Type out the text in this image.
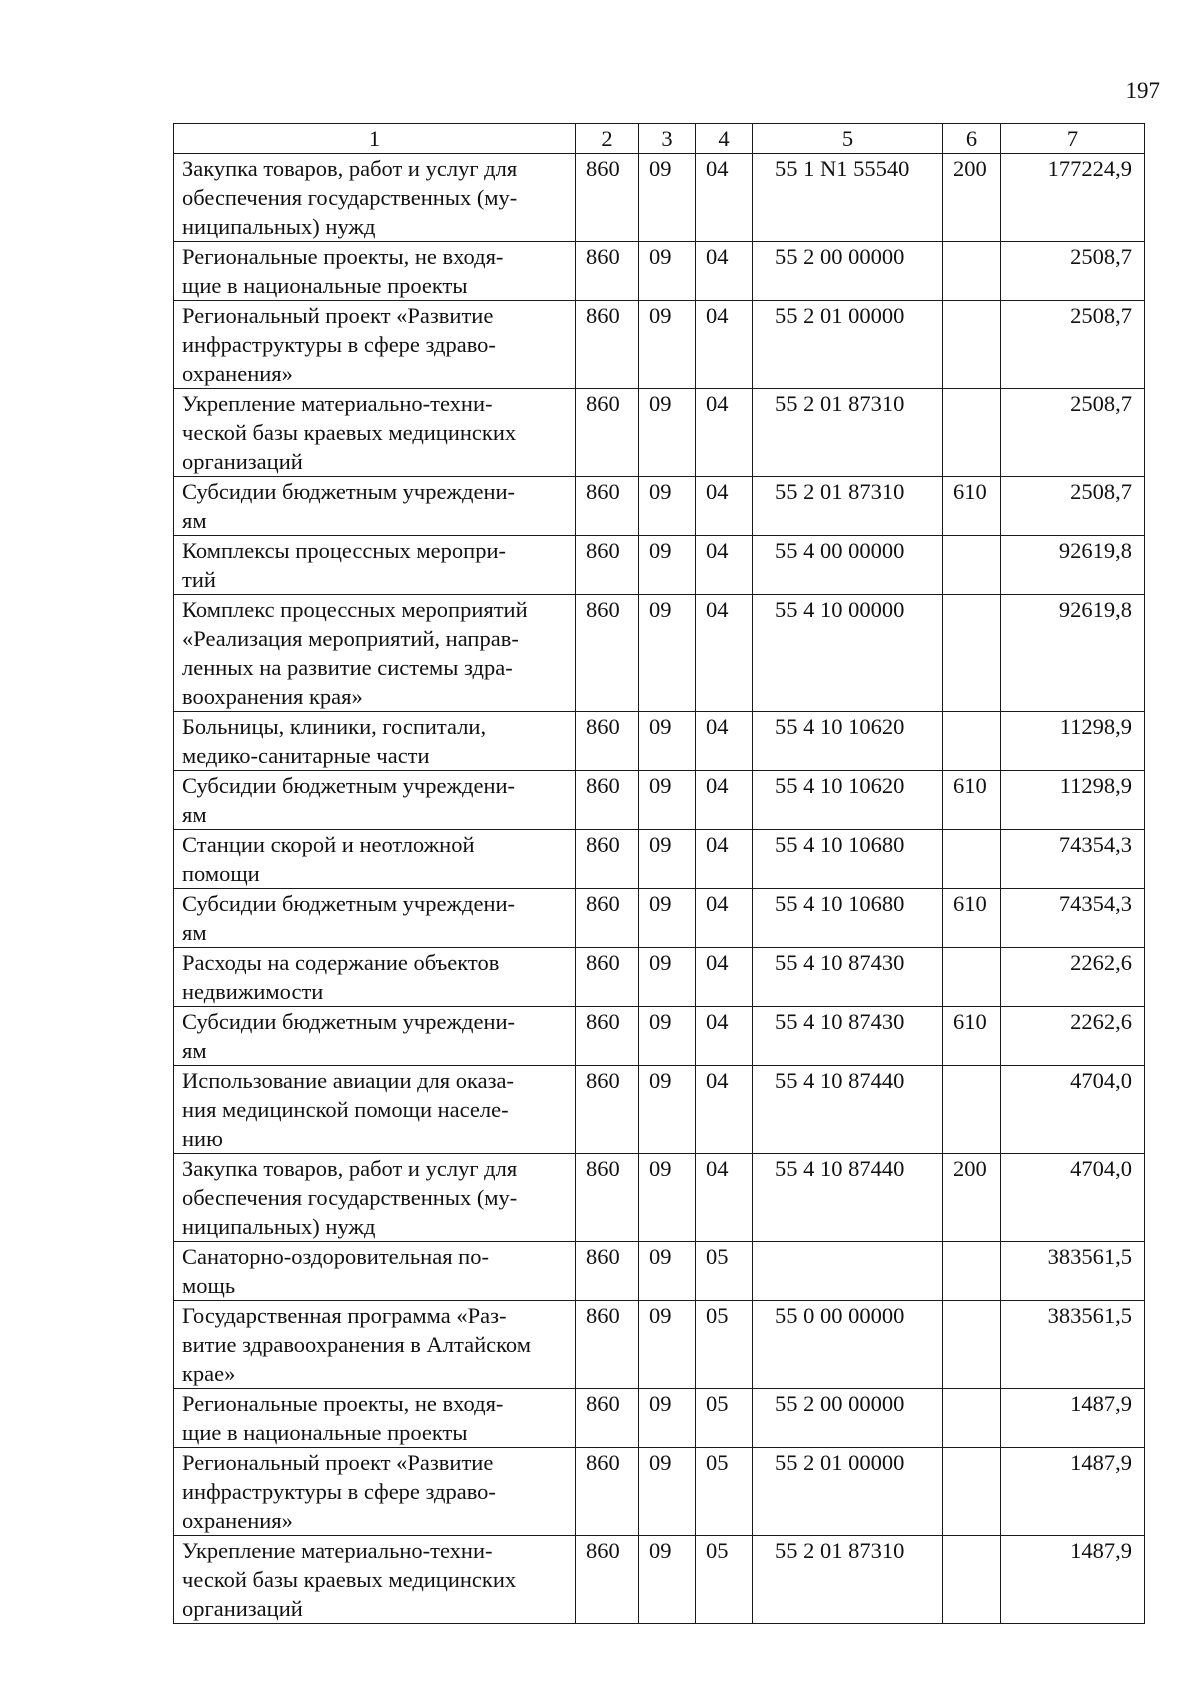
197
1	2	3	4	5	6	7

Закупка товаров, работ и услуг для
обеспечения государственных (му-
ниципальных) нужд	860	09	04	55 1 N1 55540	200	177224,9

Региональные проекты, не входя-
щие в национальные проекты	860	09	04	55 2 00 00000		2508,7

Региональный проект «Развитие
инфраструктуры в сфере здраво-
охранения»	860	09	04	55 2 01 00000		2508,7

Укрепление материально-техни-
ческой базы краевых медицинских
организаций	860	09	04	55 2 01 87310		2508,7

Субсидии бюджетным учреждени-
ям	860	09	04	55 2 01 87310	610	2508,7

Комплексы процессных меропри-
тий	860	09	04	55 4 00 00000		92619,8

Комплекс процессных мероприятий
«Реализация мероприятий, направ-
ленных на развитие системы здра-
воохранения края»	860	09	04	55 4 10 00000		92619,8

Больницы, клиники, госпитали,
медико-санитарные части	860	09	04	55 4 10 10620		11298,9

Субсидии бюджетным учреждени-
ям	860	09	04	55 4 10 10620	610	11298,9

Станции скорой и неотложной
помощи	860	09	04	55 4 10 10680		74354,3

Субсидии бюджетным учреждени-
ям	860	09	04	55 4 10 10680	610	74354,3

Расходы на содержание объектов
недвижимости	860	09	04	55 4 10 87430		2262,6

Субсидии бюджетным учреждени-
ям	860	09	04	55 4 10 87430	610	2262,6

Использование авиации для оказа-
ния медицинской помощи населе-
нию	860	09	04	55 4 10 87440		4704,0

Закупка товаров, работ и услуг для
обеспечения государственных (му-
ниципальных) нужд	860	09	04	55 4 10 87440	200	4704,0

Санаторно-оздоровительная по-
мощь	860	09	05			383561,5

Государственная программа «Раз-
витие здравоохранения в Алтайском
крае»	860	09	05	55 0 00 00000		383561,5

Региональные проекты, не входя-
щие в национальные проекты	860	09	05	55 2 00 00000		1487,9

Региональный проект «Развитие
инфраструктуры в сфере здраво-
охранения»	860	09	05	55 2 01 00000		1487,9

Укрепление материально-техни-
ческой базы краевых медицинских
организаций	860	09	05	55 2 01 87310		1487,9
